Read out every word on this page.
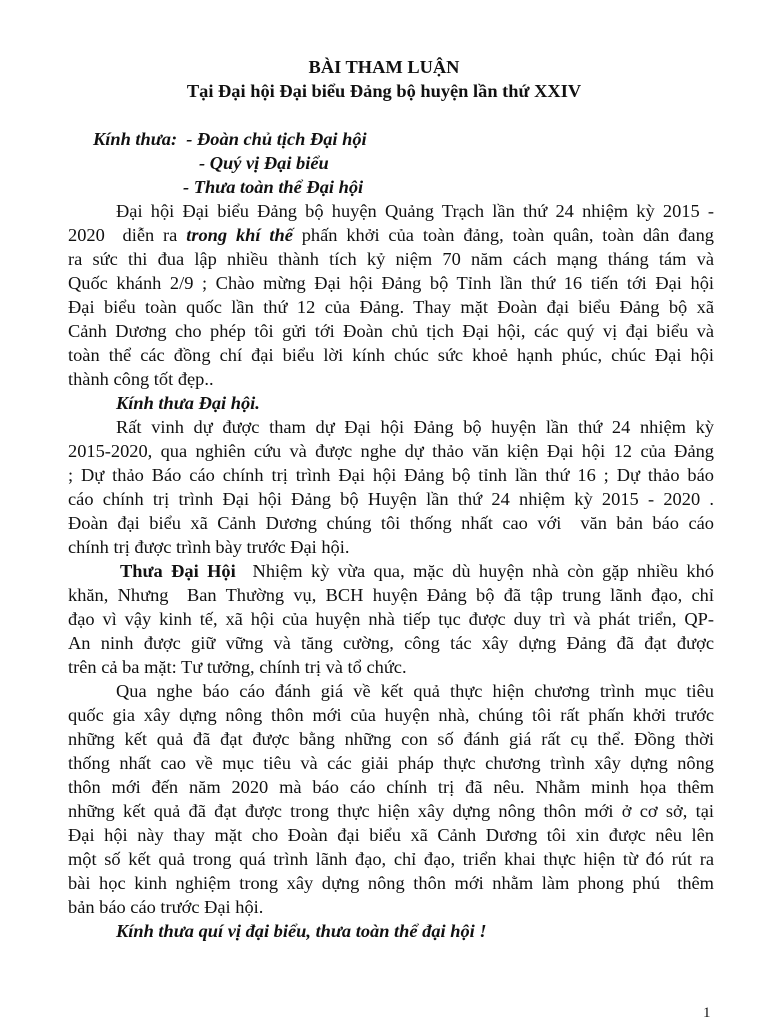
BÀI THAM LUẬN
Tại Đại hội Đại biểu Đảng bộ huyện lần thứ XXIV
Kính thưa:  - Đoàn chủ tịch Đại hội
- Quý vị Đại biểu
- Thưa toàn thể Đại hội
Đại hội Đại biểu Đảng bộ huyện Quảng Trạch lần thứ 24 nhiệm kỳ 2015 -
2020  diễn ra trong khí thế phấn khởi của toàn đảng, toàn quân, toàn dân đang
ra sức thi đua lập nhiều thành tích kỷ niệm 70 năm cách mạng tháng tám và
Quốc khánh 2/9 ; Chào mừng Đại hội Đảng bộ Tỉnh lần thứ 16 tiến tới Đại hội
Đại biểu toàn quốc lần thứ 12 của Đảng. Thay mặt Đoàn đại biểu Đảng bộ xã
Cảnh Dương cho phép tôi gửi tới Đoàn chủ tịch Đại hội, các quý vị đại biểu và
toàn thể các đồng chí đại biểu lời kính chúc sức khoẻ hạnh phúc, chúc Đại hội
thành công tốt đẹp..
Kính thưa Đại hội.
Rất vinh dự được tham dự Đại hội Đảng bộ huyện lần thứ 24 nhiệm kỳ
2015-2020, qua nghiên cứu và được nghe dự thảo văn kiện Đại hội 12 của Đảng
; Dự thảo Báo cáo chính trị trình Đại hội Đảng bộ tỉnh lần thứ 16 ; Dự thảo báo
cáo chính trị trình Đại hội Đảng bộ Huyện lần thứ 24 nhiệm kỳ 2015 - 2020 .
Đoàn đại biểu xã Cảnh Dương chúng tôi thống nhất cao với  văn bản báo cáo
chính trị được trình bày trước Đại hội.
Thưa Đại Hội  Nhiệm kỳ vừa qua, mặc dù huyện nhà còn gặp nhiều khó
khăn, Nhưng  Ban Thường vụ, BCH huyện Đảng bộ đã tập trung lãnh đạo, chỉ
đạo vì vậy kinh tế, xã hội của huyện nhà tiếp tục được duy trì và phát triển, QP-
An ninh được giữ vững và tăng cường, công tác xây dựng Đảng đã đạt được
trên cả ba mặt: Tư tưởng, chính trị và tổ chức.
Qua nghe báo cáo đánh giá về kết quả thực hiện chương trình mục tiêu
quốc gia xây dựng nông thôn mới của huyện nhà, chúng tôi rất phấn khởi trước
những kết quả đã đạt được bằng những con số đánh giá rất cụ thể. Đồng thời
thống nhất cao về mục tiêu và các giải pháp thực chương trình xây dựng nông
thôn mới đến năm 2020 mà báo cáo chính trị đã nêu. Nhằm minh họa thêm
những kết quả đã đạt được trong thực hiện xây dựng nông thôn mới ở cơ sở, tại
Đại hội này thay mặt cho Đoàn đại biểu xã Cảnh Dương tôi xin được nêu lên
một số kết quả trong quá trình lãnh đạo, chỉ đạo, triển khai thực hiện từ đó rút ra
bài học kinh nghiệm trong xây dựng nông thôn mới nhằm làm phong phú  thêm
bản báo cáo trước Đại hội.
Kính thưa quí vị đại biểu, thưa toàn thể đại hội !
1
